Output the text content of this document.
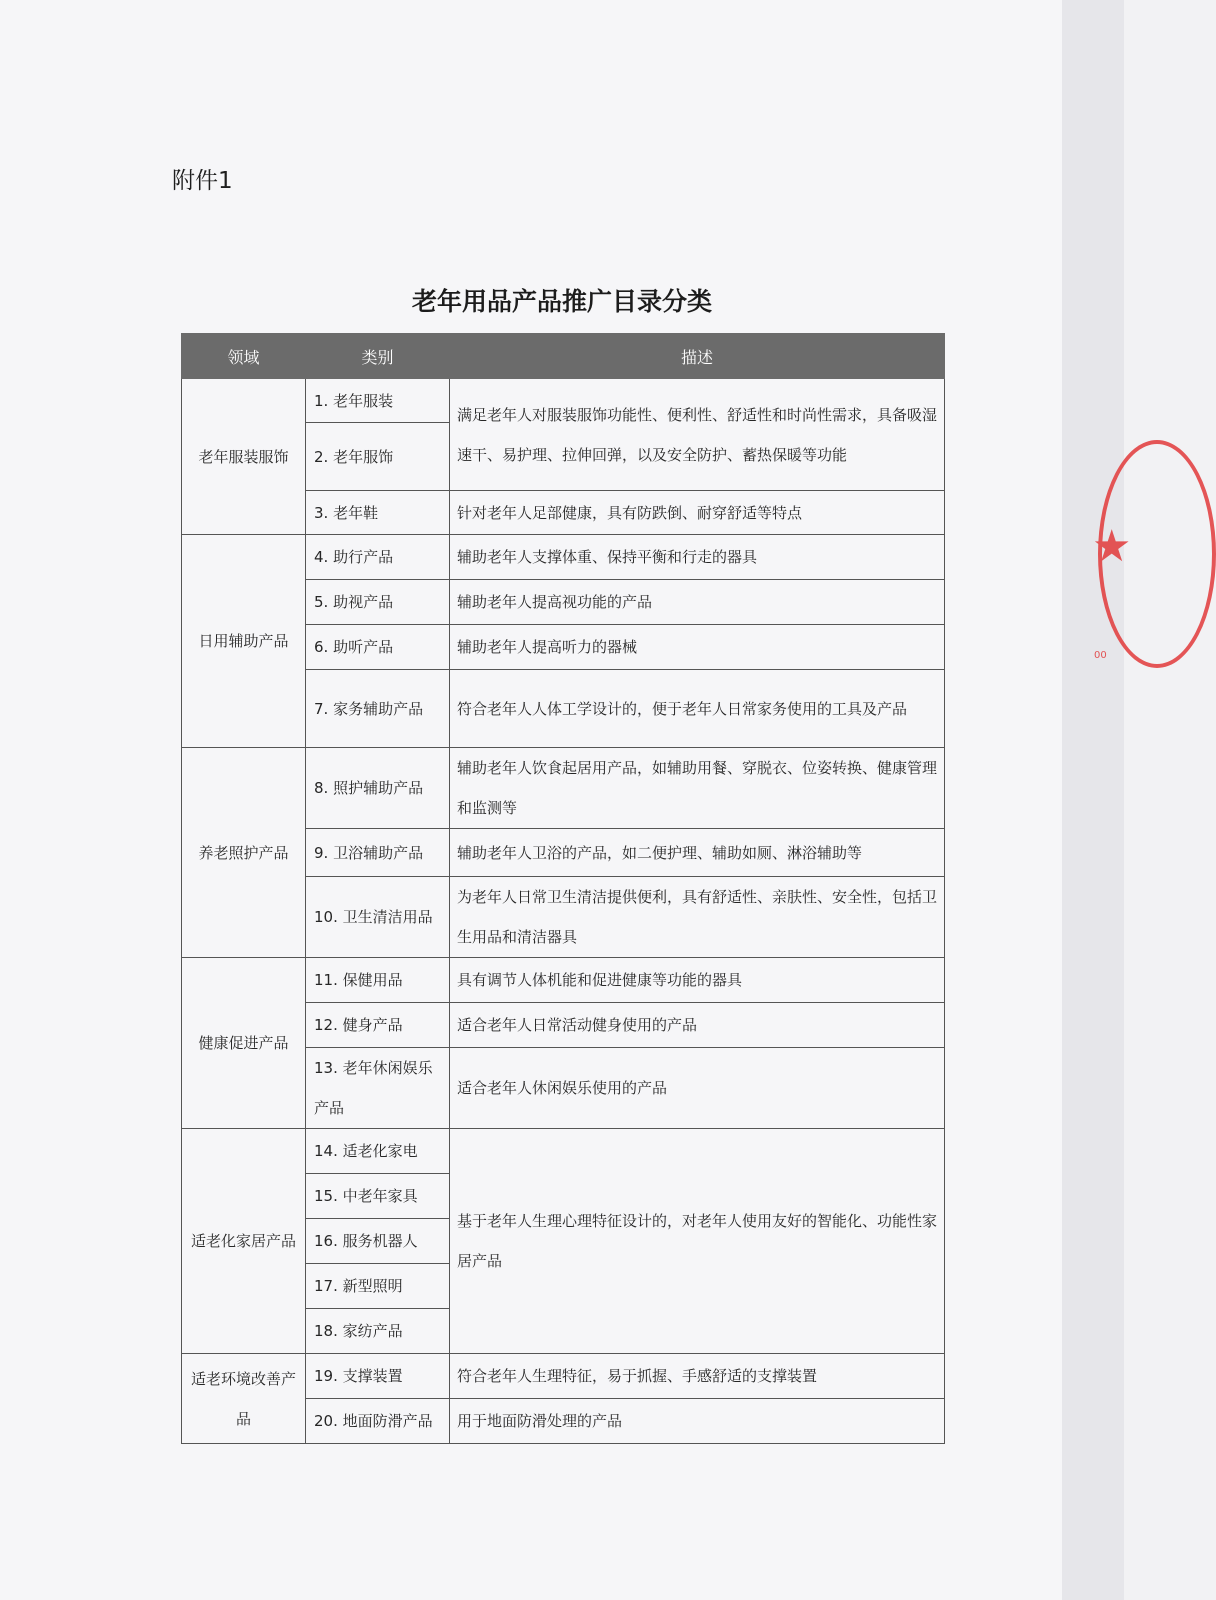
★
00
附件1
老年用品产品推广目录分类
领域	类别	描述
老年服装服饰	1. 老年服装	满足老年人对服装服饰功能性、便利性、舒适性和时尚性需求，具备吸湿速干、易护理、拉伸回弹，以及安全防护、蓄热保暖等功能
	2. 老年服饰	
	3. 老年鞋	针对老年人足部健康，具有防跌倒、耐穿舒适等特点
日用辅助产品	4. 助行产品	辅助老年人支撑体重、保持平衡和行走的器具
	5. 助视产品	辅助老年人提高视功能的产品
	6. 助听产品	辅助老年人提高听力的器械
	7. 家务辅助产品	符合老年人人体工学设计的，便于老年人日常家务使用的工具及产品
养老照护产品	8. 照护辅助产品	辅助老年人饮食起居用产品，如辅助用餐、穿脱衣、位姿转换、健康管理和监测等
	9. 卫浴辅助产品	辅助老年人卫浴的产品，如二便护理、辅助如厕、淋浴辅助等
	10. 卫生清洁用品	为老年人日常卫生清洁提供便利，具有舒适性、亲肤性、安全性，包括卫生用品和清洁器具
健康促进产品	11. 保健用品	具有调节人体机能和促进健康等功能的器具
	12. 健身产品	适合老年人日常活动健身使用的产品
	13. 老年休闲娱乐产品	适合老年人休闲娱乐使用的产品
适老化家居产品	14. 适老化家电	基于老年人生理心理特征设计的，对老年人使用友好的智能化、功能性家居产品
	15. 中老年家具	
	16. 服务机器人	
	17. 新型照明	
	18. 家纺产品	
适老环境改善产品	19. 支撑装置	符合老年人生理特征，易于抓握、手感舒适的支撑装置
	20. 地面防滑产品	用于地面防滑处理的产品
